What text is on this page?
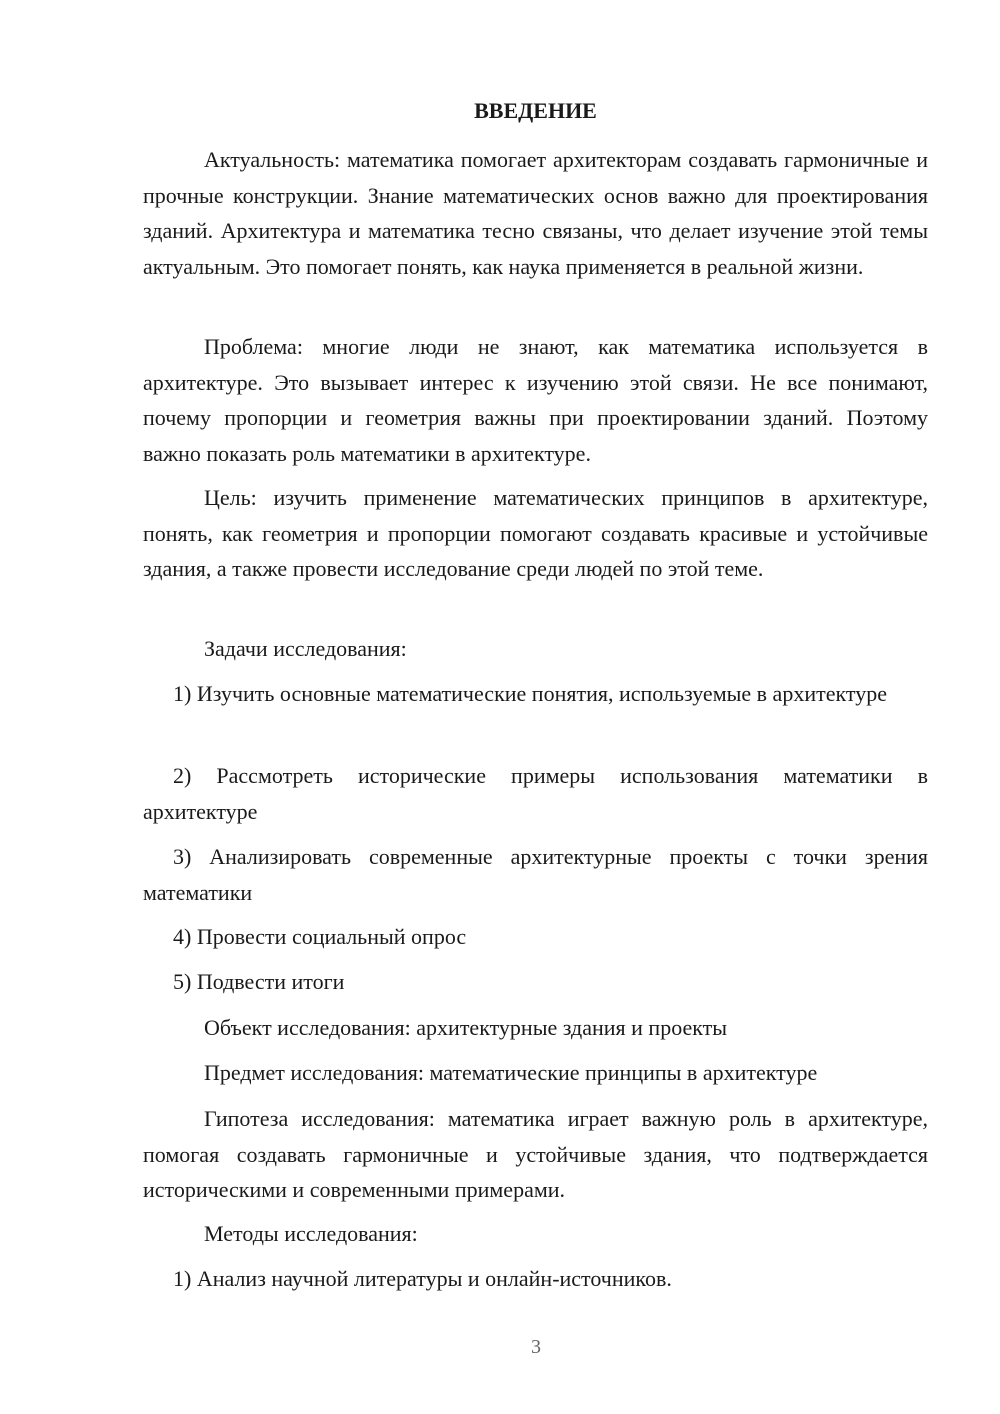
ВВЕДЕНИЕ

Актуальность: математика помогает архитекторам создавать гармоничные и прочные конструкции. Знание математических основ важно для проектирования зданий. Архитектура и математика тесно связаны, что делает изучение этой темы актуальным. Это помогает понять, как наука применяется в реальной жизни.

Проблема: многие люди не знают, как математика используется в архитектуре. Это вызывает интерес к изучению этой связи. Не все понимают, почему пропорции и геометрия важны при проектировании зданий. Поэтому важно показать роль математики в архитектуре.

Цель: изучить применение математических принципов в архитектуре, понять, как геометрия и пропорции помогают создавать красивые и устойчивые здания, а также провести исследование среди людей по этой теме.

Задачи исследования:

1) Изучить основные математические понятия, используемые в архитектуре

2) Рассмотреть исторические примеры использования математики в архитектуре

3) Анализировать современные архитектурные проекты с точки зрения математики

4) Провести социальный опрос

5) Подвести итоги

Объект исследования: архитектурные здания и проекты

Предмет исследования: математические принципы в архитектуре

Гипотеза исследования: математика играет важную роль в архитектуре, помогая создавать гармоничные и устойчивые здания, что подтверждается историческими и современными примерами.

Методы исследования:

1) Анализ научной литературы и онлайн-источников.

3
